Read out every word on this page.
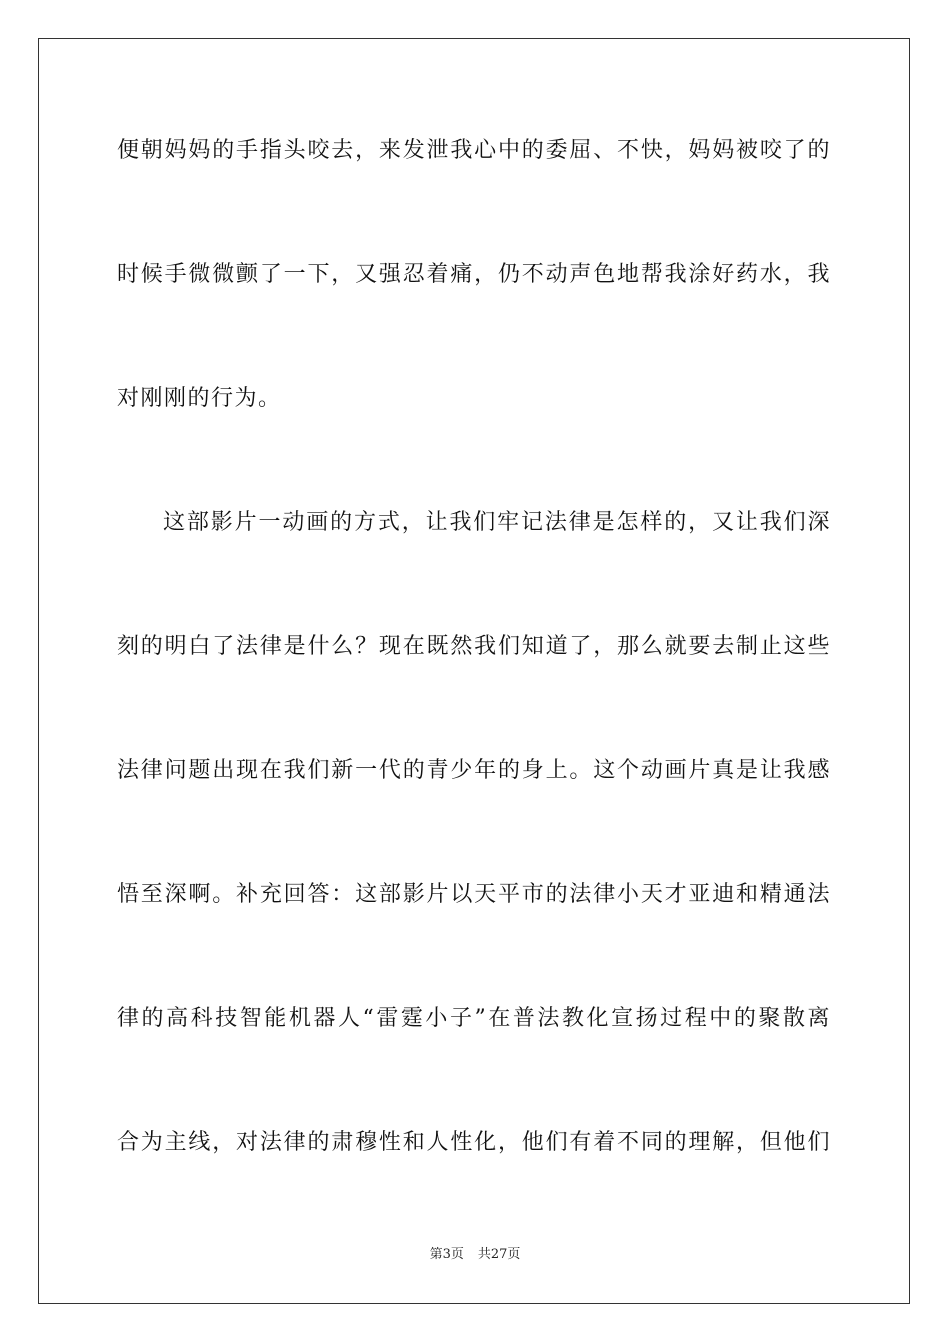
便朝妈妈的手指头咬去，来发泄我心中的委屈、不快，妈妈被咬了的
时候手微微颤了一下，又强忍着痛，仍不动声色地帮我涂好药水，我
对刚刚的行为。
这部影片一动画的方式，让我们牢记法律是怎样的，又让我们深
刻的明白了法律是什么？现在既然我们知道了，那么就要去制止这些
法律问题出现在我们新一代的青少年的身上。这个动画片真是让我感
悟至深啊。补充回答：这部影片以天平市的法律小天才亚迪和精通法
律的高科技智能机器人“雷霆小子”在普法教化宣扬过程中的聚散离
合为主线，对法律的肃穆性和人性化，他们有着不同的理解，但他们
第3页 共27页
